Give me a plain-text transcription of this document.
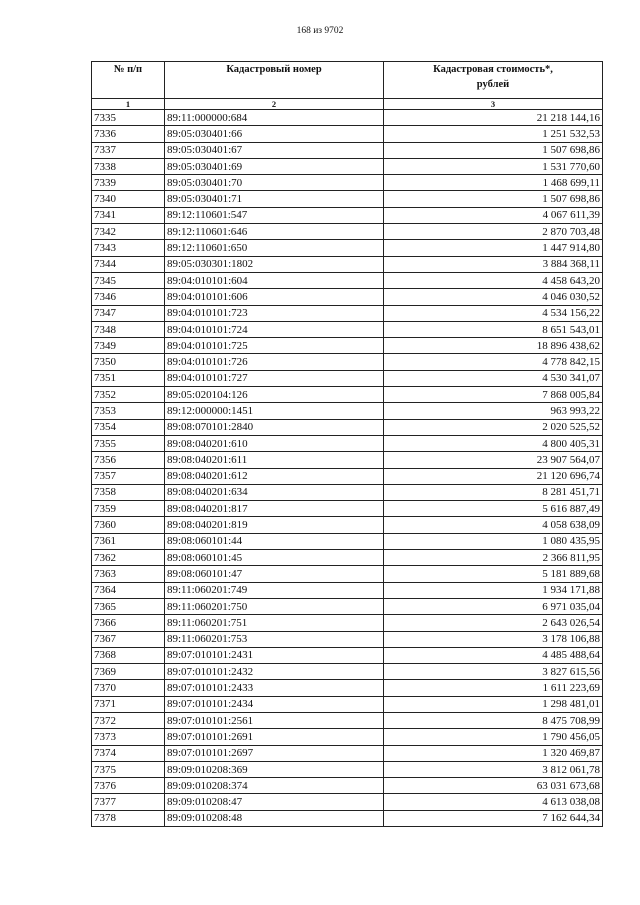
168 из 9702
№ п/п	Кадастровый номер	Кадастровая стоимость*,
рублей
1	2	3
7335	89:11:000000:684	21 218 144,16
7336	89:05:030401:66	1 251 532,53
7337	89:05:030401:67	1 507 698,86
7338	89:05:030401:69	1 531 770,60
7339	89:05:030401:70	1 468 699,11
7340	89:05:030401:71	1 507 698,86
7341	89:12:110601:547	4 067 611,39
7342	89:12:110601:646	2 870 703,48
7343	89:12:110601:650	1 447 914,80
7344	89:05:030301:1802	3 884 368,11
7345	89:04:010101:604	4 458 643,20
7346	89:04:010101:606	4 046 030,52
7347	89:04:010101:723	4 534 156,22
7348	89:04:010101:724	8 651 543,01
7349	89:04:010101:725	18 896 438,62
7350	89:04:010101:726	4 778 842,15
7351	89:04:010101:727	4 530 341,07
7352	89:05:020104:126	7 868 005,84
7353	89:12:000000:1451	963 993,22
7354	89:08:070101:2840	2 020 525,52
7355	89:08:040201:610	4 800 405,31
7356	89:08:040201:611	23 907 564,07
7357	89:08:040201:612	21 120 696,74
7358	89:08:040201:634	8 281 451,71
7359	89:08:040201:817	5 616 887,49
7360	89:08:040201:819	4 058 638,09
7361	89:08:060101:44	1 080 435,95
7362	89:08:060101:45	2 366 811,95
7363	89:08:060101:47	5 181 889,68
7364	89:11:060201:749	1 934 171,88
7365	89:11:060201:750	6 971 035,04
7366	89:11:060201:751	2 643 026,54
7367	89:11:060201:753	3 178 106,88
7368	89:07:010101:2431	4 485 488,64
7369	89:07:010101:2432	3 827 615,56
7370	89:07:010101:2433	1 611 223,69
7371	89:07:010101:2434	1 298 481,01
7372	89:07:010101:2561	8 475 708,99
7373	89:07:010101:2691	1 790 456,05
7374	89:07:010101:2697	1 320 469,87
7375	89:09:010208:369	3 812 061,78
7376	89:09:010208:374	63 031 673,68
7377	89:09:010208:47	4 613 038,08
7378	89:09:010208:48	7 162 644,34
